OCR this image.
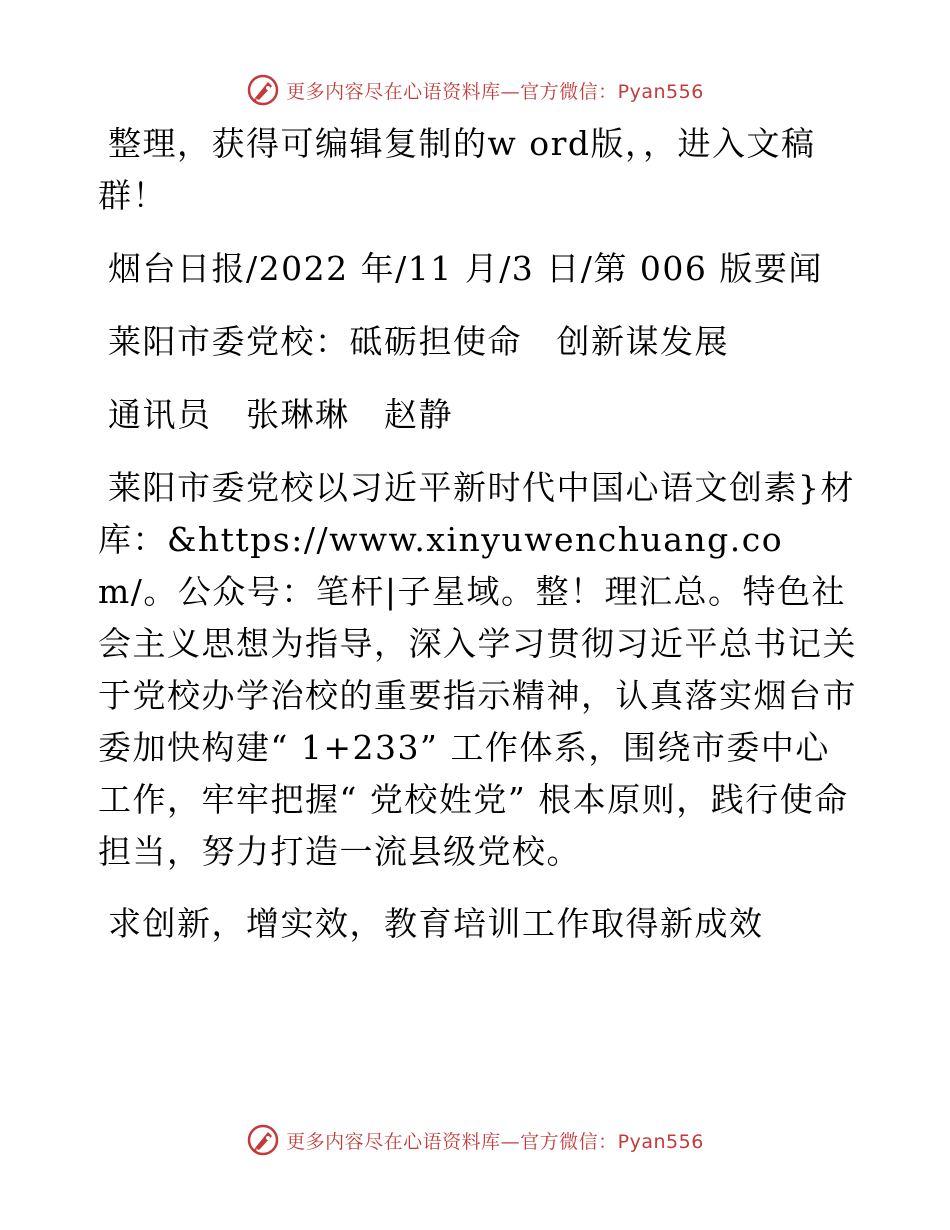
更多内容尽在心语资料库—官方微信：Pyan556

整理，获得可编辑复制的w ord版，，进入文稿群！

烟台日报/2022 年/11 月/3 日/第 006 版要闻

莱阳市委党校：砥砺担使命　创新谋发展

通讯员　张琳琳　赵静

莱阳市委党校以习近平新时代中国心语文创素}材库：&https://www.xinyuwenchuang.com/。公众号：笔杆|子星域。整！理汇总。特色社会主义思想为指导，深入学习贯彻习近平总书记关于党校办学治校的重要指示精神，认真落实烟台市委加快构建“ 1+233” 工作体系，围绕市委中心工作，牢牢把握“ 党校姓党” 根本原则，践行使命担当，努力打造一流县级党校。

求创新，增实效，教育培训工作取得新成效

更多内容尽在心语资料库—官方微信：Pyan556
